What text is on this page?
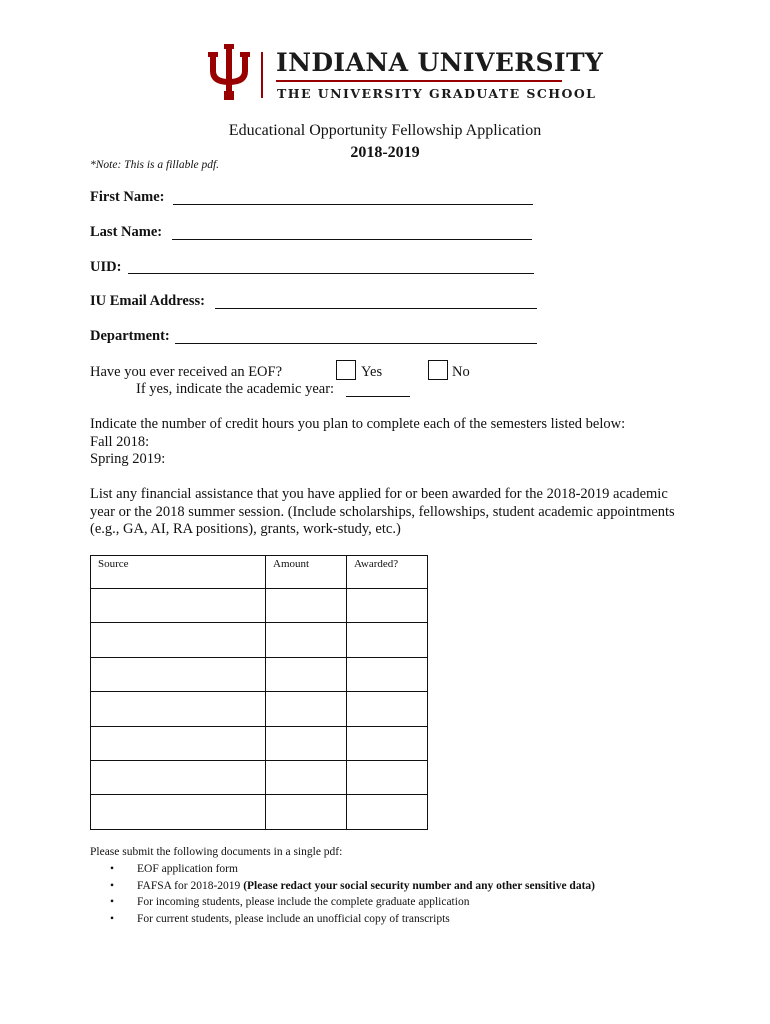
INDIANA UNIVERSITY
THE UNIVERSITY GRADUATE SCHOOL
Educational Opportunity Fellowship Application
2018-2019
*Note: This is a fillable pdf.
First Name:
Last Name:
UID:
IU Email Address:
Department:
Have you ever received an EOF?	Yes	No
If yes, indicate the academic year:
Indicate the number of credit hours you plan to complete each of the semesters listed below:
Fall 2018:
Spring 2019:
List any financial assistance that you have applied for or been awarded for the 2018-2019 academic year or the 2018 summer session. (Include scholarships, fellowships, student academic appointments (e.g., GA, AI, RA positions), grants, work-study, etc.)
Source	Amount	Awarded?

Please submit the following documents in a single pdf:
• EOF application form
• FAFSA for 2018-2019 (Please redact your social security number and any other sensitive data)
• For incoming students, please include the complete graduate application
• For current students, please include an unofficial copy of transcripts
